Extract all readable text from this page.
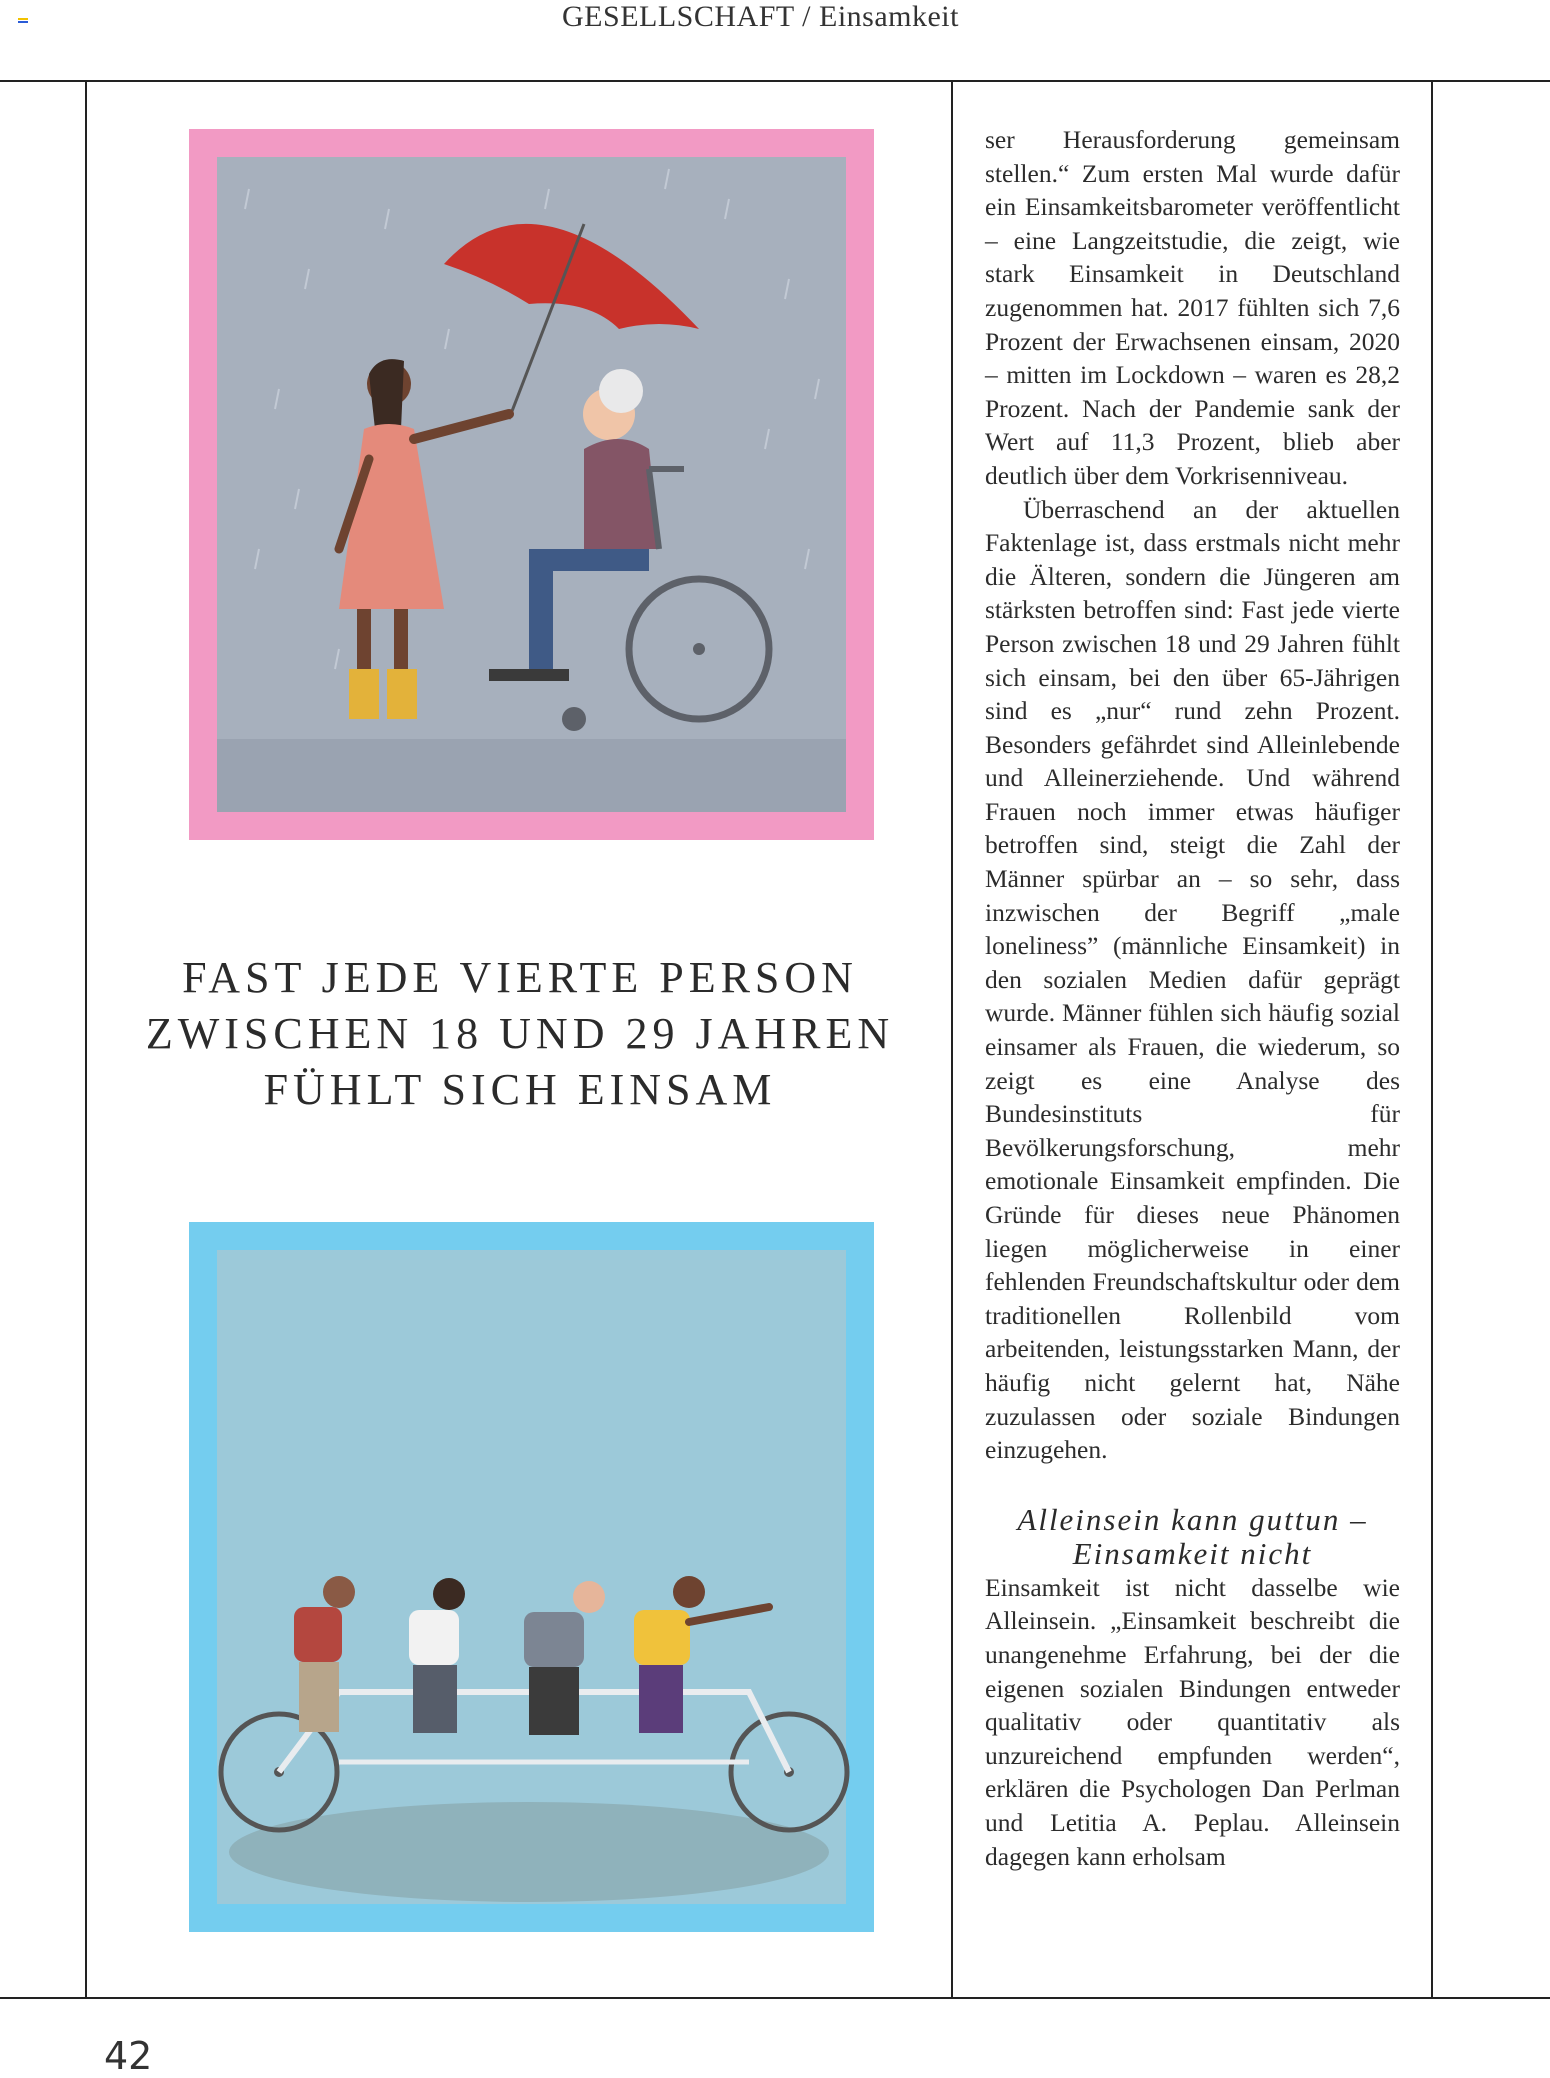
GESELLSCHAFT / Einsamkeit
FAST JEDE VIERTE PERSON
ZWISCHEN 18 UND 29 JAHREN
FÜHLT SICH EINSAM

ser Herausforderung gemeinsam stellen.“ Zum ersten Mal wurde dafür ein Einsamkeitsbarometer veröffentlicht – eine Langzeitstudie, die zeigt, wie stark Einsamkeit in Deutschland zugenommen hat. 2017 fühlten sich 7,6 Prozent der Erwachsenen einsam, 2020 – mitten im Lockdown – waren es 28,2 Prozent. Nach der Pandemie sank der Wert auf 11,3 Prozent, blieb aber deutlich über dem Vorkrisenniveau.

Überraschend an der aktuellen Faktenlage ist, dass erstmals nicht mehr die Älteren, sondern die Jüngeren am stärksten betroffen sind: Fast jede vierte Person zwischen 18 und 29 Jahren fühlt sich einsam, bei den über 65-Jährigen sind es „nur“ rund zehn Prozent. Besonders gefährdet sind Alleinlebende und Alleinerziehende. Und während Frauen noch immer etwas häufiger betroffen sind, steigt die Zahl der Männer spürbar an – so sehr, dass inzwischen der Begriff „male loneliness” (männliche Einsamkeit) in den sozialen Medien dafür geprägt wurde. Männer fühlen sich häufig sozial einsamer als Frauen, die wiederum, so zeigt es eine Analyse des Bundesinstituts für Bevölkerungsforschung, mehr emotionale Einsamkeit empfinden. Die Gründe für dieses neue Phänomen liegen möglicherweise in einer fehlenden Freundschaftskultur oder dem traditionellen Rollenbild vom arbeitenden, leistungsstarken Mann, der häufig nicht gelernt hat, Nähe zuzulassen oder soziale Bindungen einzugehen.

Alleinsein kann guttun –
Einsamkeit nicht

Einsamkeit ist nicht dasselbe wie Alleinsein. „Einsamkeit beschreibt die unangenehme Erfahrung, bei der die eigenen sozialen Bindungen entweder qualitativ oder quantitativ als unzureichend empfunden werden“, erklären die Psychologen Dan Perlman und Letitia A. Peplau. Alleinsein dagegen kann erholsam

42
